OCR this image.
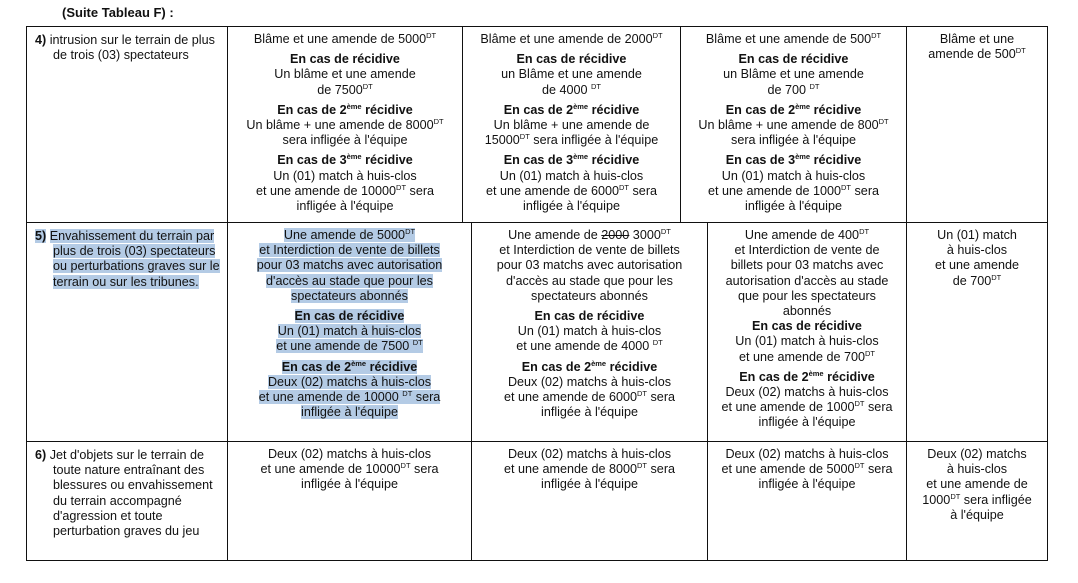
(Suite Tableau F) :
4) intrusion sur le terrain de plus de trois (03) spectateurs
Blâme et une amende de $5000^{DT}$
En cas de récidive
Un blâme et une amende
de $7500^{DT}$
En cas de 2ème récidive
Un blâme + une amende de $8000^{DT}$
sera infligée à l'équipe
En cas de 3ème récidive
Un (01) match à huis-clos
et une amende de $10000^{DT}$ sera
infligée à l'équipe
Blâme et une amende de $2000^{DT}$
En cas de récidive
un Blâme et une amende
de 4000 $^{DT}$
En cas de 2ème récidive
Un blâme + une amende de
$15000^{DT}$ sera infligée à l'équipe
En cas de 3ème récidive
Un (01) match à huis-clos
et une amende de $6000^{DT}$ sera
infligée à l'équipe
Blâme et une amende de $500^{DT}$
En cas de récidive
un Blâme et une amende
de 700 $^{DT}$
En cas de 2ème récidive
Un blâme + une amende de $800^{DT}$
sera infligée à l'équipe
En cas de 3ème récidive
Un (01) match à huis-clos
et une amende de $1000^{DT}$ sera
infligée à l'équipe
Blâme et une
amende de $500^{DT}$
5) Envahissement du terrain par plus de trois (03) spectateurs ou perturbations graves sur le terrain ou sur les tribunes.
Une amende de $5000^{DT}$
et Interdiction de vente de billets
pour 03 matchs avec autorisation
d'accès au stade que pour les
spectateurs abonnés
En cas de récidive
Un (01) match à huis-clos
et une amende de 7500 $^{DT}$
En cas de 2ème récidive
Deux (02) matchs à huis-clos
et une amende de 10000 $^{DT}$ sera
infligée à l'équipe
Une amende de 2000 $3000^{DT}$
et Interdiction de vente de billets
pour 03 matchs avec autorisation
d'accès au stade que pour les
spectateurs abonnés
En cas de récidive
Un (01) match à huis-clos
et une amende de 4000 $^{DT}$
En cas de 2ème récidive
Deux (02) matchs à huis-clos
et une amende de $6000^{DT}$ sera
infligée à l'équipe
Une amende de $400^{DT}$
et Interdiction de vente de
billets pour 03 matchs avec
autorisation d'accès au stade
que pour les spectateurs
abonnés
En cas de récidive
Un (01) match à huis-clos
et une amende de $700^{DT}$
En cas de 2ème récidive
Deux (02) matchs à huis-clos
et une amende de $1000^{DT}$ sera
infligée à l'équipe
Un (01) match
à huis-clos
et une amende
de $700^{DT}$
6) Jet d'objets sur le terrain de toute nature entraînant des blessures ou envahissement du terrain accompagné d'agression et toute perturbation graves du jeu
Deux (02) matchs à huis-clos
et une amende de $10000^{DT}$ sera
infligée à l'équipe
Deux (02) matchs à huis-clos
et une amende de $8000^{DT}$ sera
infligée à l'équipe
Deux (02) matchs à huis-clos
et une amende de $5000^{DT}$ sera
infligée à l'équipe
Deux (02) matchs
à huis-clos
et une amende de
$1000^{DT}$ sera infligée
à l'équipe
